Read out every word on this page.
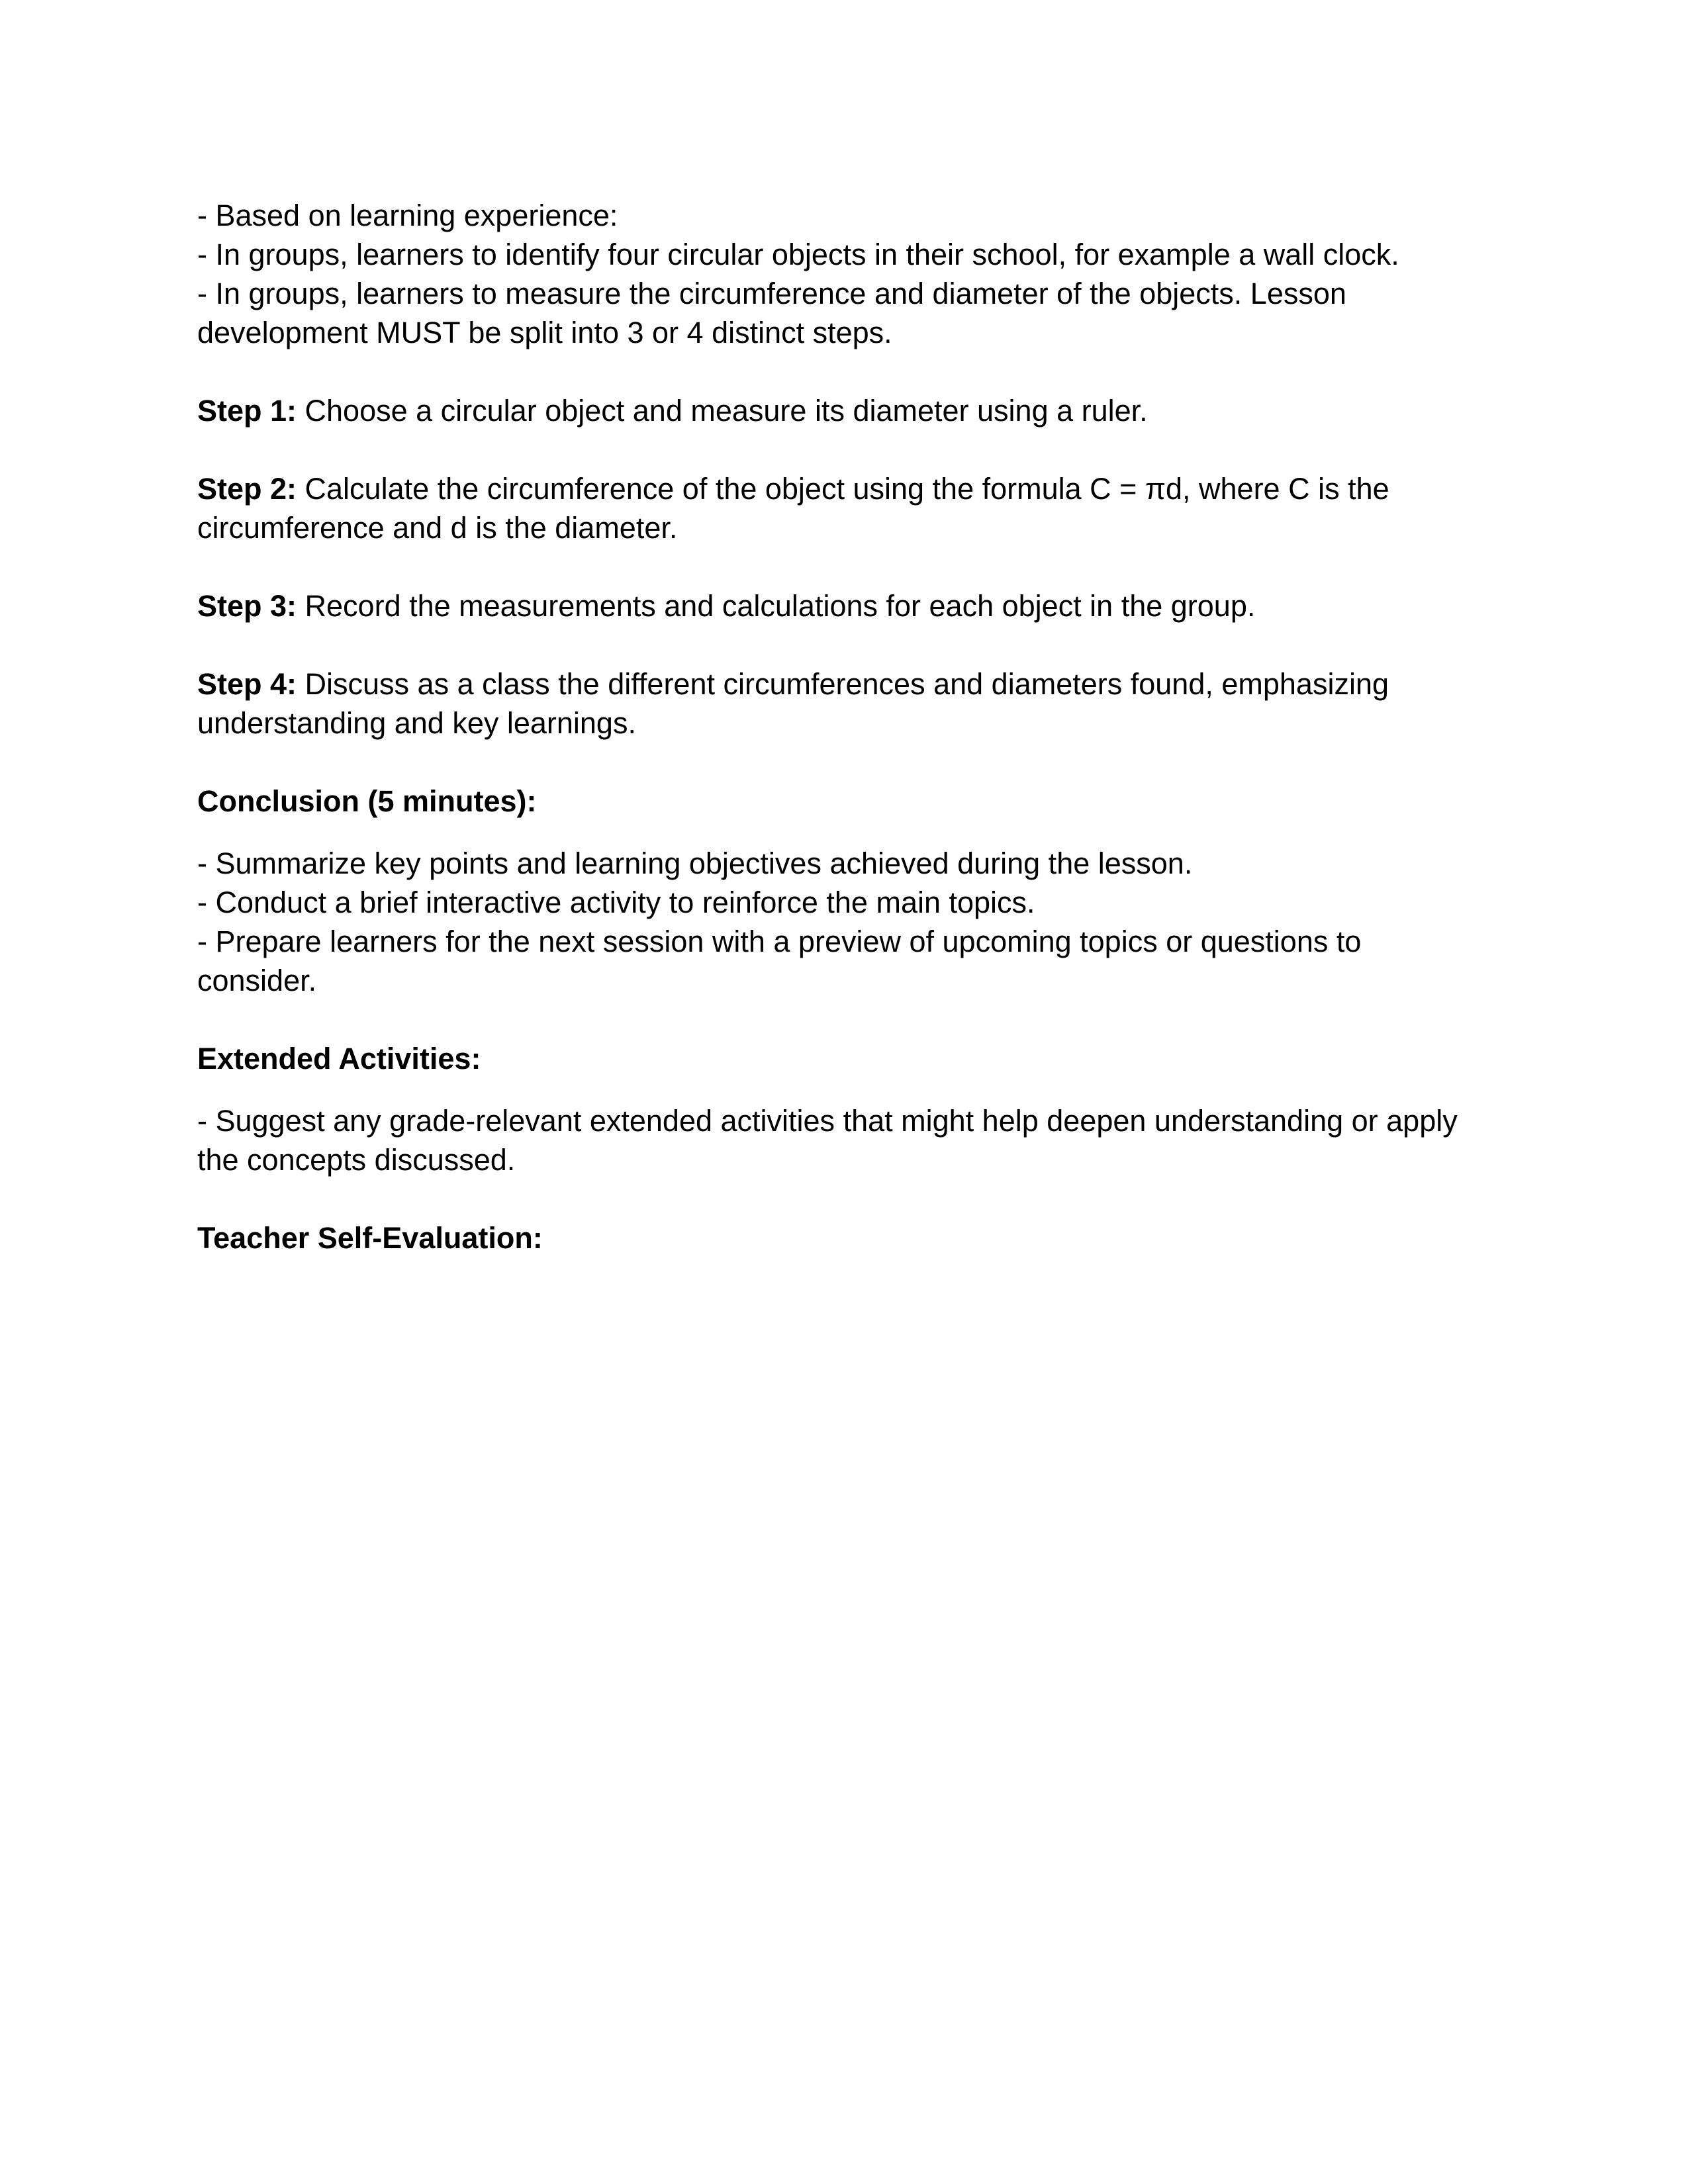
- Based on learning experience:

- In groups, learners to identify four circular objects in their school, for example a wall clock.

- In groups, learners to measure the circumference and diameter of the objects. Lesson

development MUST be split into 3 or 4 distinct steps.

Step 1: Choose a circular object and measure its diameter using a ruler.

Step 2: Calculate the circumference of the object using the formula C = πd, where C is the

circumference and d is the diameter.

Step 3: Record the measurements and calculations for each object in the group.

Step 4: Discuss as a class the different circumferences and diameters found, emphasizing

understanding and key learnings.

Conclusion (5 minutes):

- Summarize key points and learning objectives achieved during the lesson.

- Conduct a brief interactive activity to reinforce the main topics.

- Prepare learners for the next session with a preview of upcoming topics or questions to

consider.

Extended Activities:

- Suggest any grade-relevant extended activities that might help deepen understanding or apply

the concepts discussed.

Teacher Self-Evaluation:
